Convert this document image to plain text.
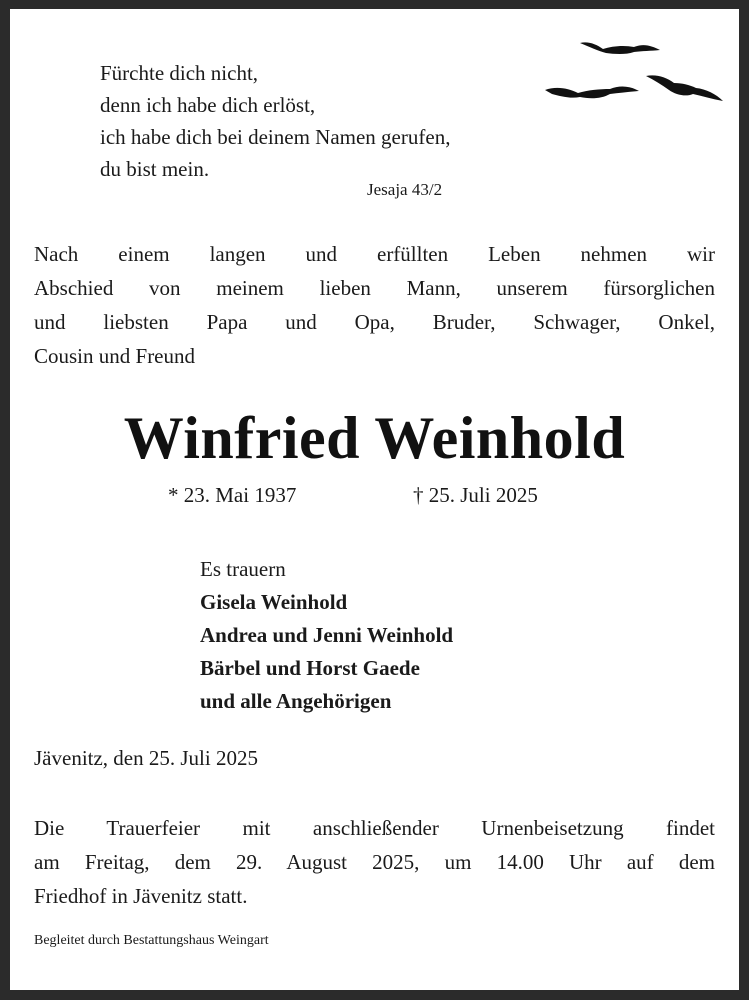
Fürchte dich nicht,
denn ich habe dich erlöst,
ich habe dich bei deinem Namen gerufen,
du bist mein.
Jesaja 43/2
Nach einem langen und erfüllten Leben nehmen wir
Abschied von meinem lieben Mann, unserem fürsorglichen
und liebsten Papa und Opa, Bruder, Schwager, Onkel,
Cousin und Freund
Winfried Weinhold
* 23. Mai 1937	† 25. Juli 2025
Es trauern
Gisela Weinhold
Andrea und Jenni Weinhold
Bärbel und Horst Gaede
und alle Angehörigen
Jävenitz, den 25. Juli 2025
Die Trauerfeier mit anschließender Urnenbeisetzung findet
am Freitag, dem 29. August 2025, um 14.00 Uhr auf dem
Friedhof in Jävenitz statt.
Begleitet durch Bestattungshaus Weingart
